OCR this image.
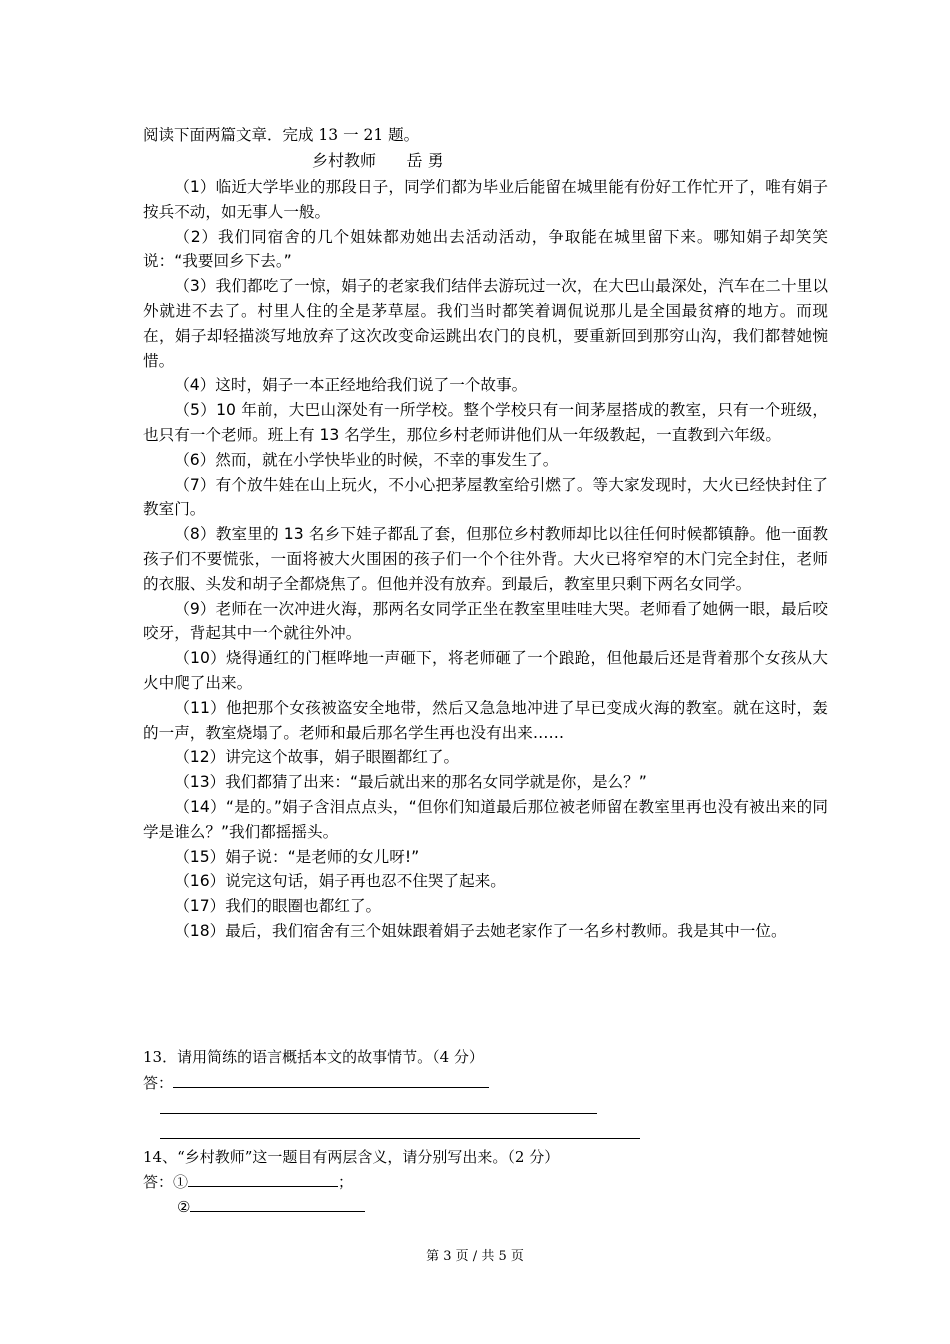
阅读下面两篇文章．完成 13 一 21 题。
乡村教师      岳 勇

（1）临近大学毕业的那段日子，同学们都为毕业后能留在城里能有份好工作忙开了，唯有娟子按兵不动，如无事人一般。

（2）我们同宿舍的几个姐妹都劝她出去活动活动，争取能在城里留下来。哪知娟子却笑笑说：“我要回乡下去。”

（3）我们都吃了一惊，娟子的老家我们结伴去游玩过一次，在大巴山最深处，汽车在二十里以外就进不去了。村里人住的全是茅草屋。我们当时都笑着调侃说那儿是全国最贫瘠的地方。而现在，娟子却轻描淡写地放弃了这次改变命运跳出农门的良机，要重新回到那穷山沟，我们都替她惋惜。

（4）这时，娟子一本正经地给我们说了一个故事。

（5）10 年前，大巴山深处有一所学校。整个学校只有一间茅屋搭成的教室，只有一个班级，也只有一个老师。班上有 13 名学生，那位乡村老师讲他们从一年级教起，一直教到六年级。

（6）然而，就在小学快毕业的时候，不幸的事发生了。

（7）有个放牛娃在山上玩火，不小心把茅屋教室给引燃了。等大家发现时，大火已经快封住了教室门。

（8）教室里的 13 名乡下娃子都乱了套，但那位乡村教师却比以往任何时候都镇静。他一面教孩子们不要慌张，一面将被大火围困的孩子们一个个往外背。大火已将窄窄的木门完全封住，老师的衣服、头发和胡子全都烧焦了。但他并没有放弃。到最后，教室里只剩下两名女同学。

（9）老师在一次冲进火海，那两名女同学正坐在教室里哇哇大哭。老师看了她俩一眼，最后咬咬牙，背起其中一个就往外冲。

（10）烧得通红的门框哗地一声砸下，将老师砸了一个踉跄，但他最后还是背着那个女孩从大火中爬了出来。

（11）他把那个女孩被盗安全地带，然后又急急地冲进了早已变成火海的教室。就在这时，轰的一声，教室烧塌了。老师和最后那名学生再也没有出来……

（12）讲完这个故事，娟子眼圈都红了。

（13）我们都猜了出来：“最后就出来的那名女同学就是你，是么？”

（14）“是的。”娟子含泪点点头，“但你们知道最后那位被老师留在教室里再也没有被出来的同学是谁么？”我们都摇摇头。

（15）娟子说：“是老师的女儿呀!”

（16）说完这句话，娟子再也忍不住哭了起来。

（17）我们的眼圈也都红了。

（18）最后，我们宿舍有三个姐妹跟着娟子去她老家作了一名乡村教师。我是其中一位。

13．请用简练的语言概括本文的故事情节。（4 分）
答：
14、“乡村教师”这一题目有两层含义，请分别写出来。（2 分）
答：①	；
②
第 3 页 / 共 5 页
